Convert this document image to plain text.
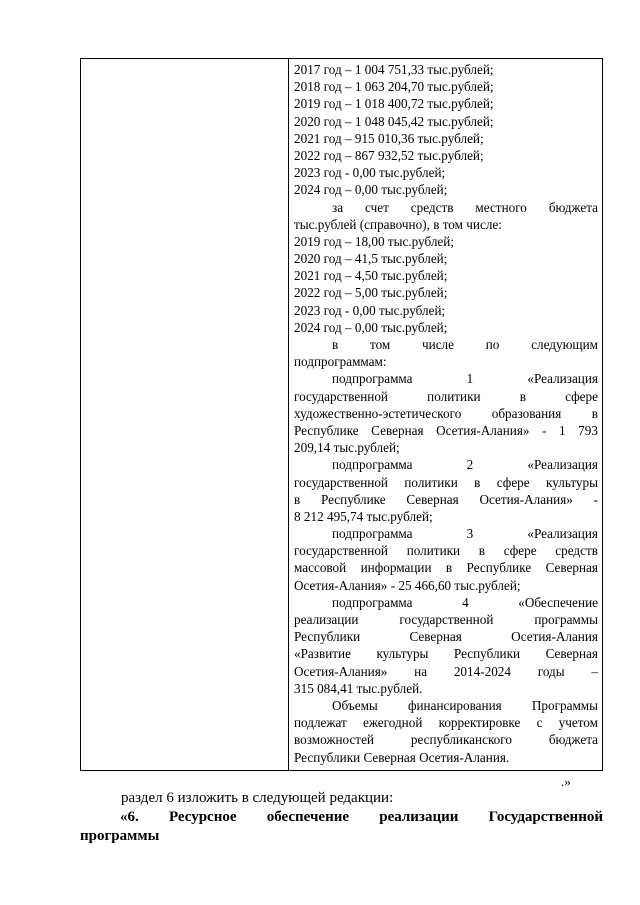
2017 год – 1 004 751,33 тыс.рублей;
2018 год – 1 063 204,70 тыс.рублей;
2019 год – 1 018 400,72 тыс.рублей;
2020 год – 1 048 045,42 тыс.рублей;
2021 год – 915 010,36 тыс.рублей;
2022 год – 867 932,52 тыс.рублей;
2023 год - 0,00 тыс.рублей;
2024 год – 0,00 тыс.рублей;
за счет средств местного бюджета
тыс.рублей (справочно), в том числе:
2019 год – 18,00 тыс.рублей;
2020 год – 41,5 тыс.рублей;
2021 год – 4,50 тыс.рублей;
2022 год – 5,00 тыс.рублей;
2023 год - 0,00 тыс.рублей;
2024 год – 0,00 тыс.рублей;
в том числе по следующим
подпрограммам:
подпрограмма	1	«Реализация
государственной	политики	в	сфере
художественно-эстетического образования в
Республике Северная Осетия-Алания» - 1 793
209,14 тыс.рублей;
подпрограмма	2	«Реализация
государственной политики в сфере культуры
в Республике Северная Осетия-Алания» -
8 212 495,74 тыс.рублей;
подпрограмма	3	«Реализация
государственной политики в сфере средств
массовой информации в Республике Северная
Осетия-Алания» - 25 466,60 тыс.рублей;
подпрограмма	4	«Обеспечение
реализации	государственной	программы
Республики	Северная	Осетия-Алания
«Развитие культуры Республики Северная
Осетия-Алания» на 2014-2024 годы –
315 084,41 тыс.рублей.
Объемы финансирования Программы
подлежат ежегодной корректировке с учетом
возможностей	республиканского	бюджета
Республики Северная Осетия-Алания.
.»
раздел 6 изложить в следующей редакции:
«6. Ресурсное обеспечение реализации Государственной
программы
